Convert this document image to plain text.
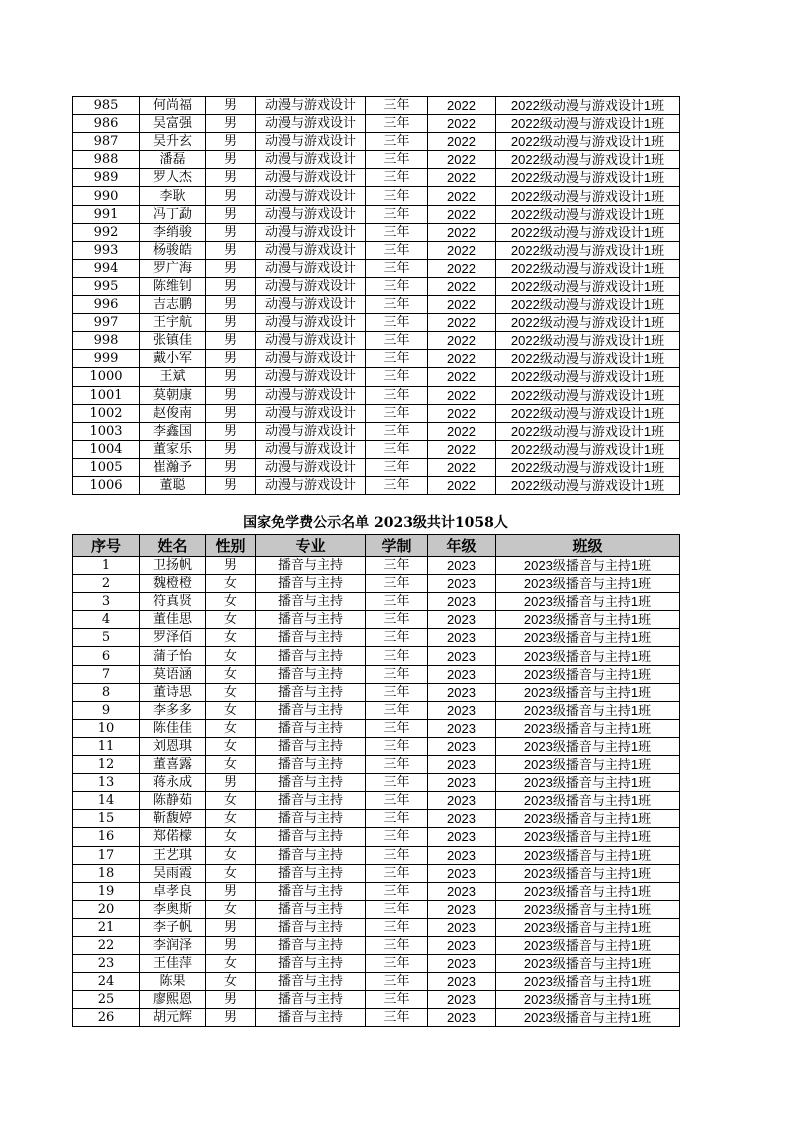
985	何尚福	男	动漫与游戏设计	三年	2022	2022级动漫与游戏设计1班
986	吴富强	男	动漫与游戏设计	三年	2022	2022级动漫与游戏设计1班
987	吴升玄	男	动漫与游戏设计	三年	2022	2022级动漫与游戏设计1班
988	潘磊	男	动漫与游戏设计	三年	2022	2022级动漫与游戏设计1班
989	罗人杰	男	动漫与游戏设计	三年	2022	2022级动漫与游戏设计1班
990	李耿	男	动漫与游戏设计	三年	2022	2022级动漫与游戏设计1班
991	冯丁勐	男	动漫与游戏设计	三年	2022	2022级动漫与游戏设计1班
992	李绡骏	男	动漫与游戏设计	三年	2022	2022级动漫与游戏设计1班
993	杨骏皓	男	动漫与游戏设计	三年	2022	2022级动漫与游戏设计1班
994	罗广海	男	动漫与游戏设计	三年	2022	2022级动漫与游戏设计1班
995	陈维钊	男	动漫与游戏设计	三年	2022	2022级动漫与游戏设计1班
996	吉志鹏	男	动漫与游戏设计	三年	2022	2022级动漫与游戏设计1班
997	王宇航	男	动漫与游戏设计	三年	2022	2022级动漫与游戏设计1班
998	张镇佳	男	动漫与游戏设计	三年	2022	2022级动漫与游戏设计1班
999	戴小军	男	动漫与游戏设计	三年	2022	2022级动漫与游戏设计1班
1000	王斌	男	动漫与游戏设计	三年	2022	2022级动漫与游戏设计1班
1001	莫朝康	男	动漫与游戏设计	三年	2022	2022级动漫与游戏设计1班
1002	赵俊南	男	动漫与游戏设计	三年	2022	2022级动漫与游戏设计1班
1003	李鑫国	男	动漫与游戏设计	三年	2022	2022级动漫与游戏设计1班
1004	董家乐	男	动漫与游戏设计	三年	2022	2022级动漫与游戏设计1班
1005	崔瀚予	男	动漫与游戏设计	三年	2022	2022级动漫与游戏设计1班
1006	董聪	男	动漫与游戏设计	三年	2022	2022级动漫与游戏设计1班
国家免学费公示名单 2023级共计1058人
序号	姓名	性别	专业	学制	年级	班级
1	卫扬帆	男	播音与主持	三年	2023	2023级播音与主持1班
2	魏橙橙	女	播音与主持	三年	2023	2023级播音与主持1班
3	符真贤	女	播音与主持	三年	2023	2023级播音与主持1班
4	董佳思	女	播音与主持	三年	2023	2023级播音与主持1班
5	罗泽佰	女	播音与主持	三年	2023	2023级播音与主持1班
6	蒲子怡	女	播音与主持	三年	2023	2023级播音与主持1班
7	莫语涵	女	播音与主持	三年	2023	2023级播音与主持1班
8	董诗思	女	播音与主持	三年	2023	2023级播音与主持1班
9	李多多	女	播音与主持	三年	2023	2023级播音与主持1班
10	陈佳佳	女	播音与主持	三年	2023	2023级播音与主持1班
11	刘恩琪	女	播音与主持	三年	2023	2023级播音与主持1班
12	董喜露	女	播音与主持	三年	2023	2023级播音与主持1班
13	蒋永成	男	播音与主持	三年	2023	2023级播音与主持1班
14	陈静茹	女	播音与主持	三年	2023	2023级播音与主持1班
15	靳馥婷	女	播音与主持	三年	2023	2023级播音与主持1班
16	郑偌檬	女	播音与主持	三年	2023	2023级播音与主持1班
17	王艺琪	女	播音与主持	三年	2023	2023级播音与主持1班
18	吴雨霞	女	播音与主持	三年	2023	2023级播音与主持1班
19	卓孝良	男	播音与主持	三年	2023	2023级播音与主持1班
20	李奥斯	女	播音与主持	三年	2023	2023级播音与主持1班
21	李子帆	男	播音与主持	三年	2023	2023级播音与主持1班
22	李润泽	男	播音与主持	三年	2023	2023级播音与主持1班
23	王佳萍	女	播音与主持	三年	2023	2023级播音与主持1班
24	陈果	女	播音与主持	三年	2023	2023级播音与主持1班
25	廖熙恩	男	播音与主持	三年	2023	2023级播音与主持1班
26	胡元辉	男	播音与主持	三年	2023	2023级播音与主持1班
